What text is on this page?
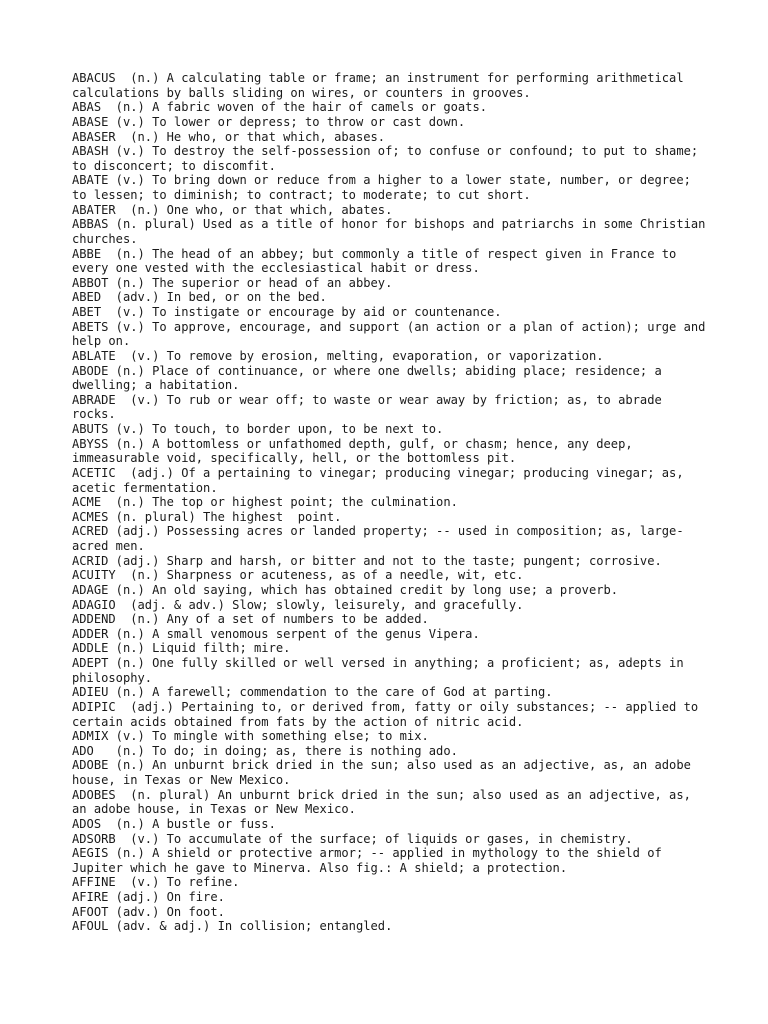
ABACUS	(n.) A calculating table or frame; an instrument for performing arithmetical calculations by balls sliding on wires, or counters in grooves.
ABAS  (n.) A fabric woven of the hair of camels or goats.
ABASE (v.) To lower or depress; to throw or cast down.
ABASER	(n.) He who, or that which, abases.
ABASH (v.) To destroy the self-possession of; to confuse or confound; to put to shame; to disconcert; to discomfit.
ABATE (v.) To bring down or reduce from a higher to a lower state, number, or degree; to lessen; to diminish; to contract; to moderate; to cut short.
ABATER	(n.) One who, or that which, abates.
ABBAS (n. plural) Used as a title of honor for bishops and patriarchs in some Christian churches.
ABBE  (n.) The head of an abbey; but commonly a title of respect given in France to every one vested with the ecclesiastical habit or dress.
ABBOT (n.) The superior or head of an abbey.
ABED  (adv.) In bed, or on the bed.
ABET  (v.) To instigate or encourage by aid or countenance.
ABETS (v.) To approve, encourage, and support (an action or a plan of action); urge and help on.
ABLATE	(v.) To remove by erosion, melting, evaporation, or vaporization.
ABODE (n.) Place of continuance, or where one dwells; abiding place; residence; a dwelling; a habitation.
ABRADE	(v.) To rub or wear off; to waste or wear away by friction; as, to abrade rocks.
ABUTS (v.) To touch, to border upon, to be next to.
ABYSS (n.) A bottomless or unfathomed depth, gulf, or chasm; hence, any deep, immeasurable void, specifically, hell, or the bottomless pit.
ACETIC	(adj.) Of a pertaining to vinegar; producing vinegar; producing vinegar; as, acetic fermentation.
ACME  (n.) The top or highest point; the culmination.
ACMES (n. plural) The highest  point.
ACRED (adj.) Possessing acres or landed property; -- used in composition; as, large-acred men.
ACRID (adj.) Sharp and harsh, or bitter and not to the taste; pungent; corrosive.
ACUITY	(n.) Sharpness or acuteness, as of a needle, wit, etc.
ADAGE (n.) An old saying, which has obtained credit by long use; a proverb.
ADAGIO	(adj. & adv.) Slow; slowly, leisurely, and gracefully.
ADDEND	(n.) Any of a set of numbers to be added.
ADDER (n.) A small venomous serpent of the genus Vipera.
ADDLE (n.) Liquid filth; mire.
ADEPT (n.) One fully skilled or well versed in anything; a proficient; as, adepts in philosophy.
ADIEU (n.) A farewell; commendation to the care of God at parting.
ADIPIC	(adj.) Pertaining to, or derived from, fatty or oily substances; -- applied to certain acids obtained from fats by the action of nitric acid.
ADMIX (v.) To mingle with something else; to mix.
ADO   (n.) To do; in doing; as, there is nothing ado.
ADOBE (n.) An unburnt brick dried in the sun; also used as an adjective, as, an adobe house, in Texas or New Mexico.
ADOBES	(n. plural) An unburnt brick dried in the sun; also used as an adjective, as, an adobe house, in Texas or New Mexico.
ADOS  (n.) A bustle or fuss.
ADSORB	(v.) To accumulate of the surface; of liquids or gases, in chemistry.
AEGIS (n.) A shield or protective armor; -- applied in mythology to the shield of Jupiter which he gave to Minerva. Also fig.: A shield; a protection.
AFFINE	(v.) To refine.
AFIRE (adj.) On fire.
AFOOT (adv.) On foot.
AFOUL (adv. & adj.) In collision; entangled.
